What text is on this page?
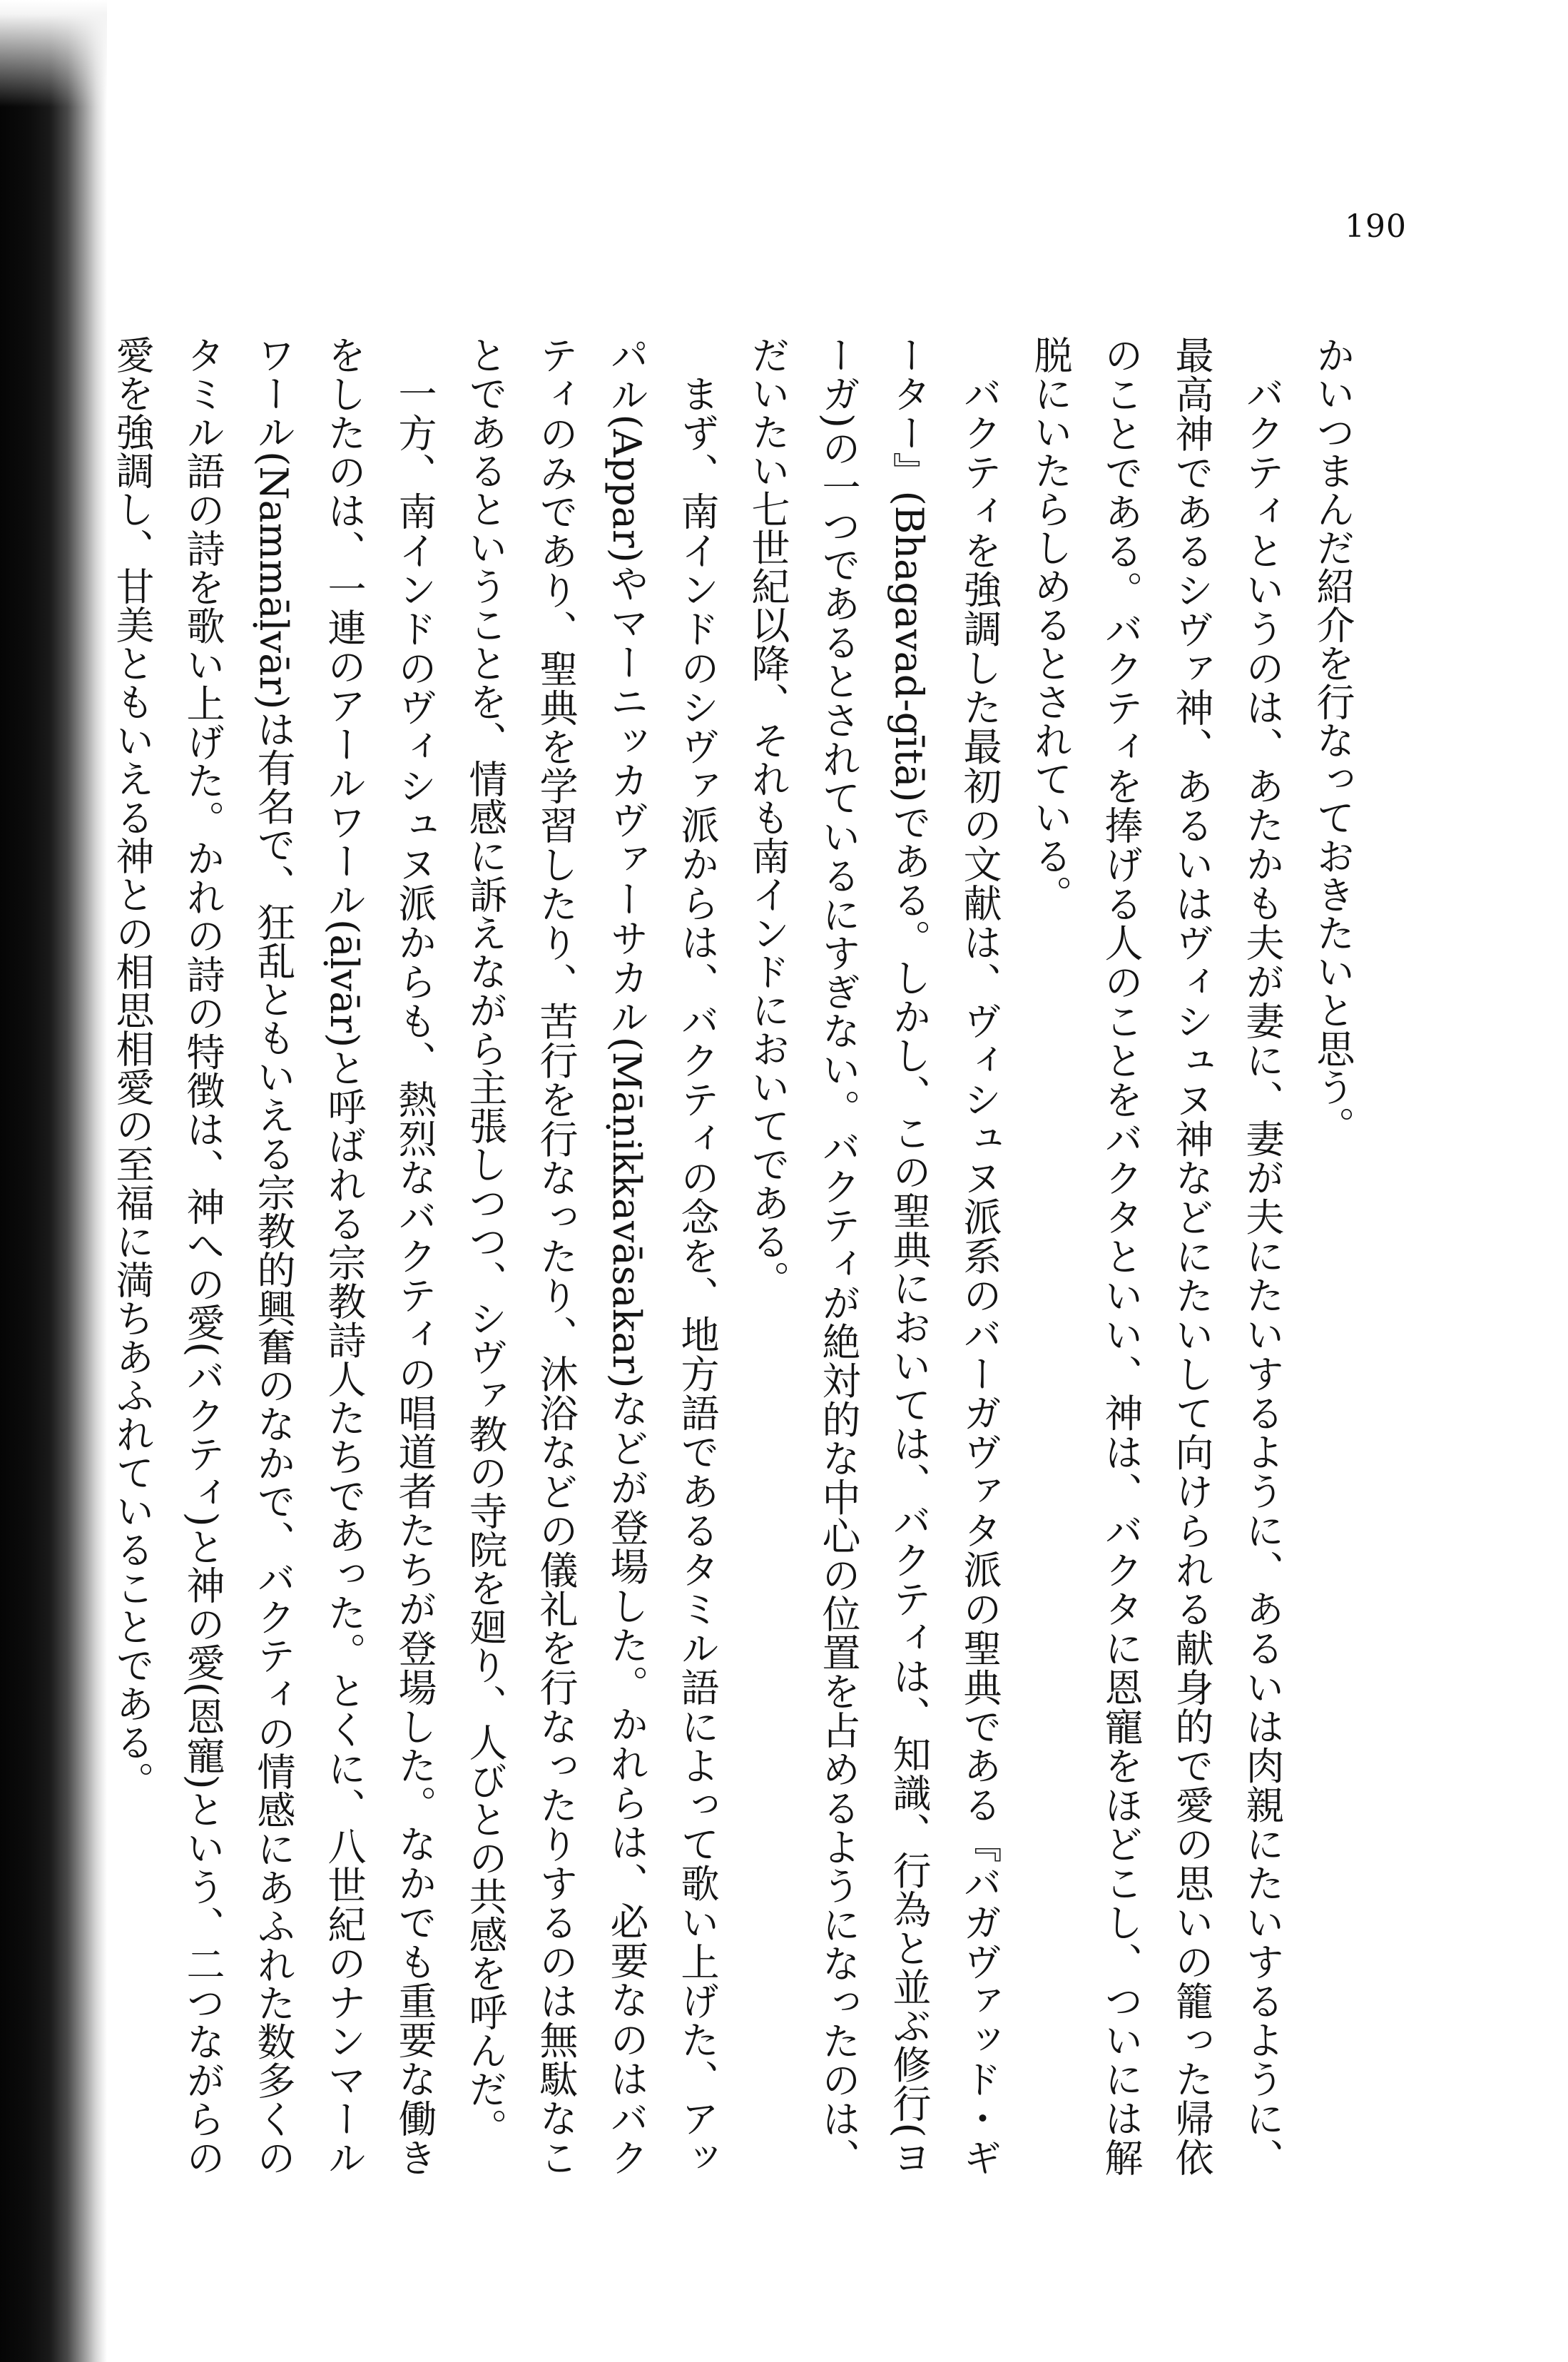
190

かいつまんだ紹介を行なっておきたいと思う。

バクティというのは、あたかも夫が妻に、妻が夫にたいするように、あるいは肉親にたいするように、最高神であるシヴァ神、あるいはヴィシュヌ神などにたいして向けられる献身的で愛の思いの籠った帰依のことである。バクティを捧げる人のことをバクタといい、神は、バクタに恩寵をほどこし、ついには解脱にいたらしめるとされている。

バクティを強調した最初の文献は、ヴィシュヌ派系のバーガヴァタ派の聖典である『バガヴァッド・ギーター』(Bhagavad-gītā)である。しかし、この聖典においては、バクティは、知識、行為と並ぶ修行(ヨーガ)の一つであるとされているにすぎない。バクティが絶対的な中心の位置を占めるようになったのは、だいたい七世紀以降、それも南インドにおいてである。

まず、南インドのシヴァ派からは、バクティの念を、地方語であるタミル語によって歌い上げた、アッパル(Appar)やマーニッカヴァーサカル(Māṇikkavāsakar)などが登場した。かれらは、必要なのはバクティのみであり、聖典を学習したり、苦行を行なったり、沐浴などの儀礼を行なったりするのは無駄なことであるということを、情感に訴えながら主張しつつ、シヴァ教の寺院を廻り、人びとの共感を呼んだ。

一方、南インドのヴィシュヌ派からも、熱烈なバクティの唱道者たちが登場した。なかでも重要な働きをしたのは、一連のアールワール(āḷvār)と呼ばれる宗教詩人たちであった。とくに、八世紀のナンマールワール(Nammāḷvār)は有名で、狂乱ともいえる宗教的興奮のなかで、バクティの情感にあふれた数多くのタミル語の詩を歌い上げた。かれの詩の特徴は、神への愛(バクティ)と神の愛(恩寵)という、二つながらの愛を強調し、甘美ともいえる神との相思相愛の至福に満ちあふれていることである。
